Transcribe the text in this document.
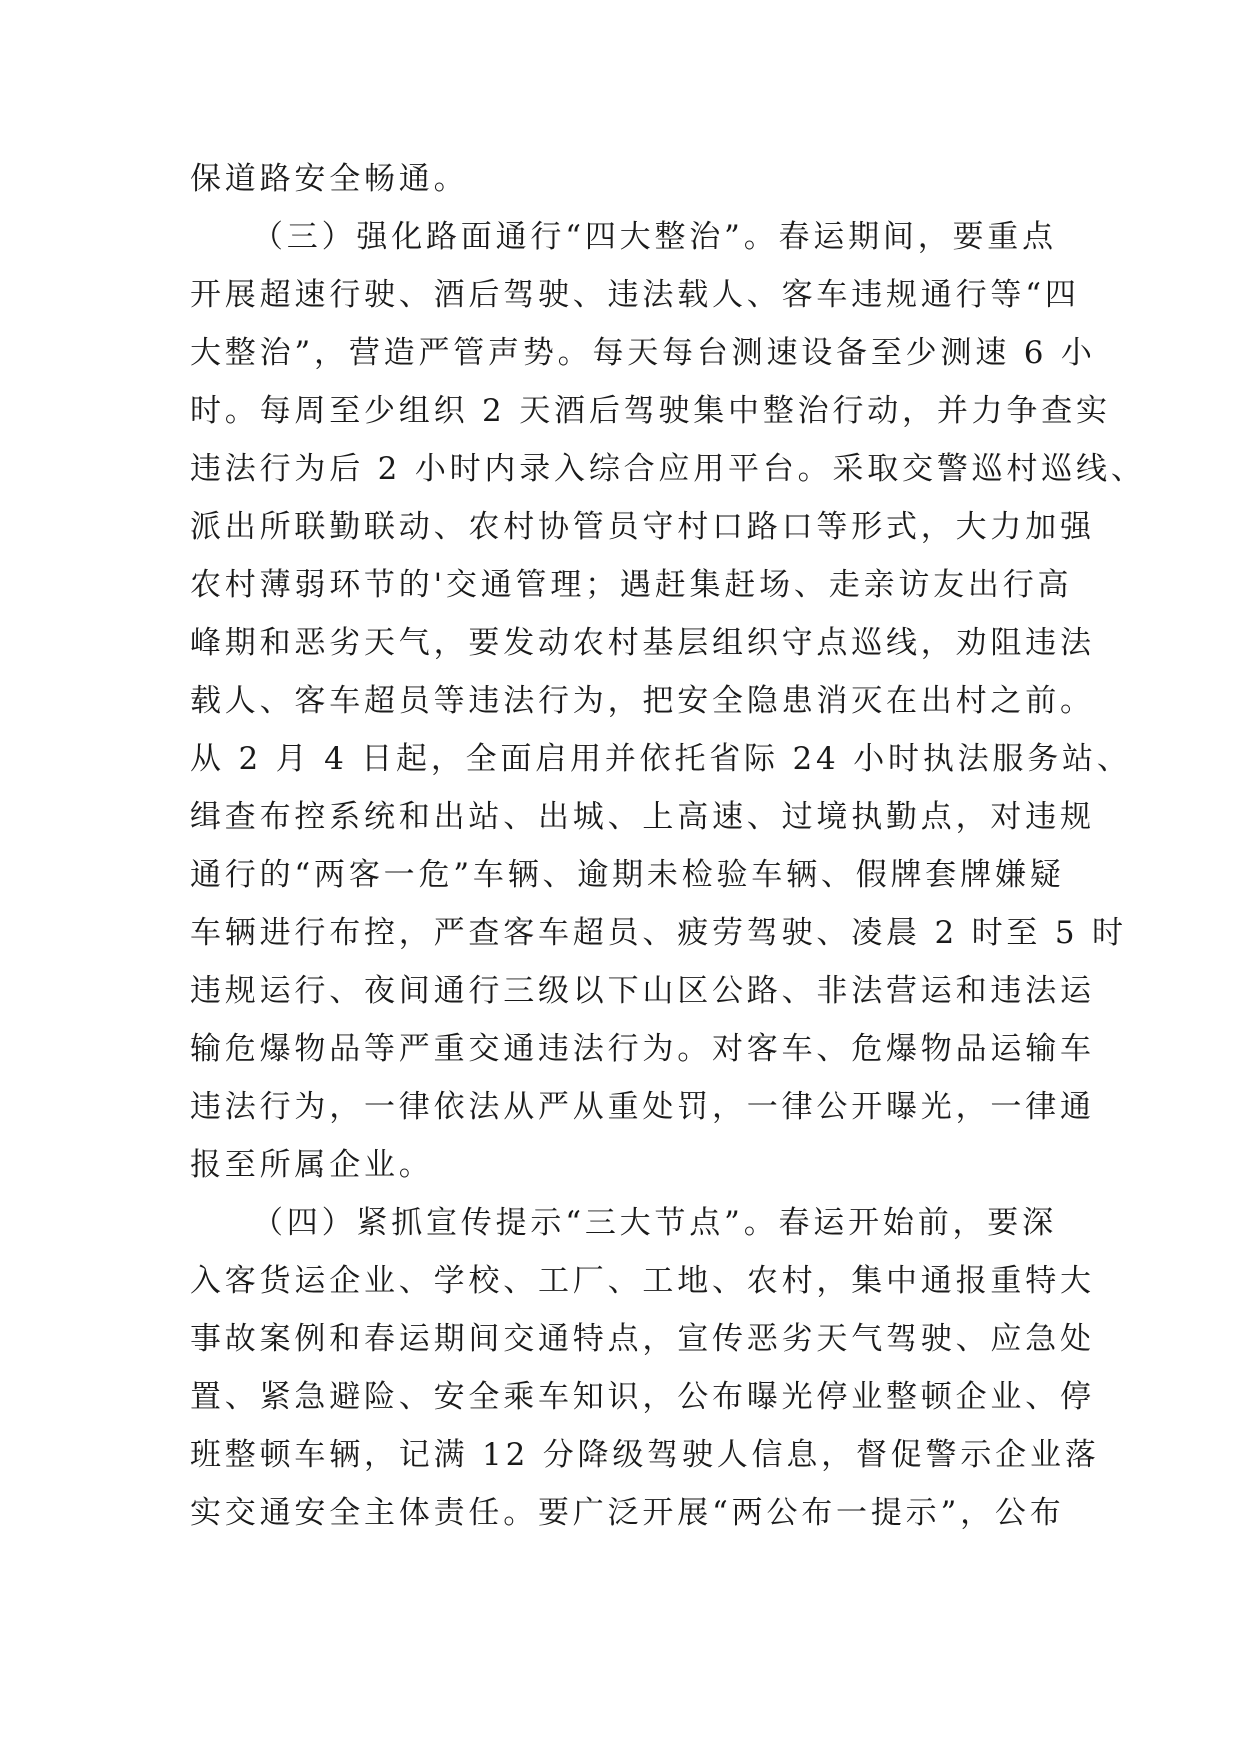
保道路安全畅通。
（三）强化路面通行“四大整治”。春运期间，要重点
开展超速行驶、酒后驾驶、违法载人、客车违规通行等“四
大整治”，营造严管声势。每天每台测速设备至少测速 6 小
时。每周至少组织 2 天酒后驾驶集中整治行动，并力争查实
违法行为后 2 小时内录入综合应用平台。采取交警巡村巡线、
派出所联勤联动、农村协管员守村口路口等形式，大力加强
农村薄弱环节的'交通管理；遇赶集赶场、走亲访友出行高
峰期和恶劣天气，要发动农村基层组织守点巡线，劝阻违法
载人、客车超员等违法行为，把安全隐患消灭在出村之前。
从 2 月 4 日起，全面启用并依托省际 24 小时执法服务站、
缉查布控系统和出站、出城、上高速、过境执勤点，对违规
通行的“两客一危”车辆、逾期未检验车辆、假牌套牌嫌疑
车辆进行布控，严查客车超员、疲劳驾驶、凌晨 2 时至 5 时
违规运行、夜间通行三级以下山区公路、非法营运和违法运
输危爆物品等严重交通违法行为。对客车、危爆物品运输车
违法行为，一律依法从严从重处罚，一律公开曝光，一律通
报至所属企业。
（四）紧抓宣传提示“三大节点”。春运开始前，要深
入客货运企业、学校、工厂、工地、农村，集中通报重特大
事故案例和春运期间交通特点，宣传恶劣天气驾驶、应急处
置、紧急避险、安全乘车知识，公布曝光停业整顿企业、停
班整顿车辆，记满 12 分降级驾驶人信息，督促警示企业落
实交通安全主体责任。要广泛开展“两公布一提示”，公布
